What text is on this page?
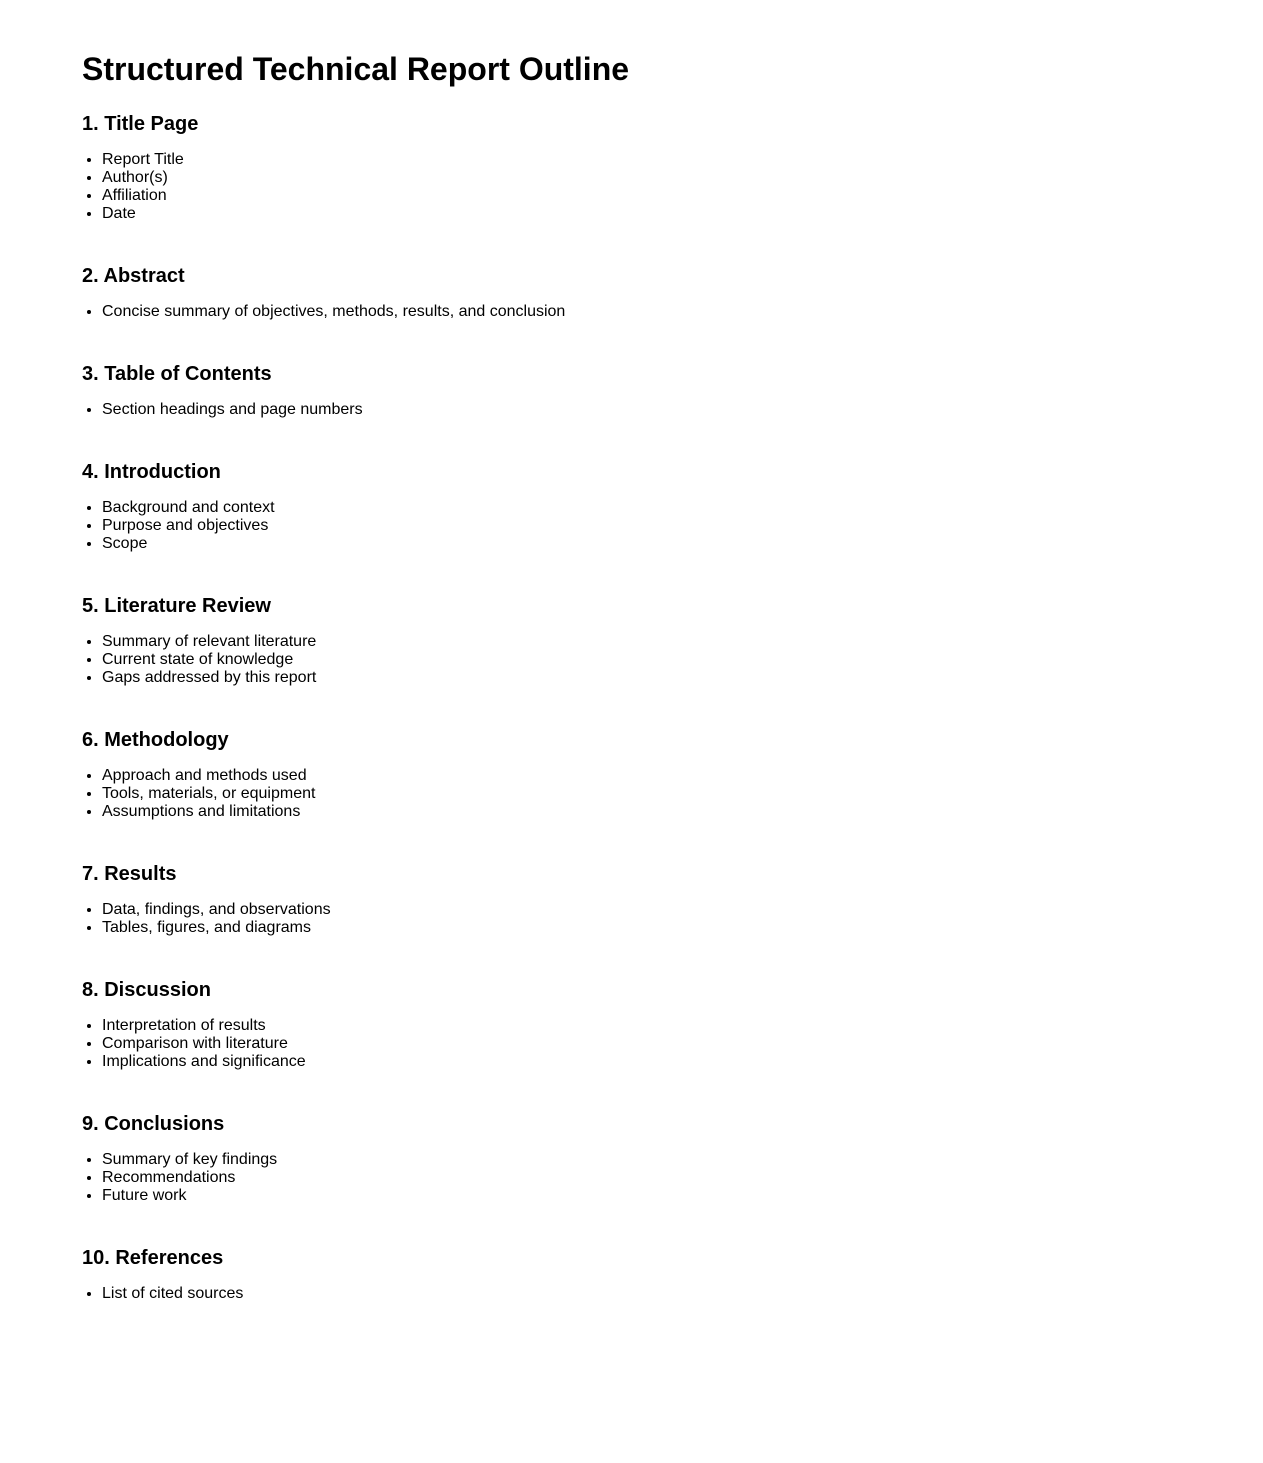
Structured Technical Report Outline
1. Title Page
• Report Title
• Author(s)
• Affiliation
• Date
2. Abstract
• Concise summary of objectives, methods, results, and conclusion
3. Table of Contents
• Section headings and page numbers
4. Introduction
• Background and context
• Purpose and objectives
• Scope
5. Literature Review
• Summary of relevant literature
• Current state of knowledge
• Gaps addressed by this report
6. Methodology
• Approach and methods used
• Tools, materials, or equipment
• Assumptions and limitations
7. Results
• Data, findings, and observations
• Tables, figures, and diagrams
8. Discussion
• Interpretation of results
• Comparison with literature
• Implications and significance
9. Conclusions
• Summary of key findings
• Recommendations
• Future work
10. References
• List of cited sources
